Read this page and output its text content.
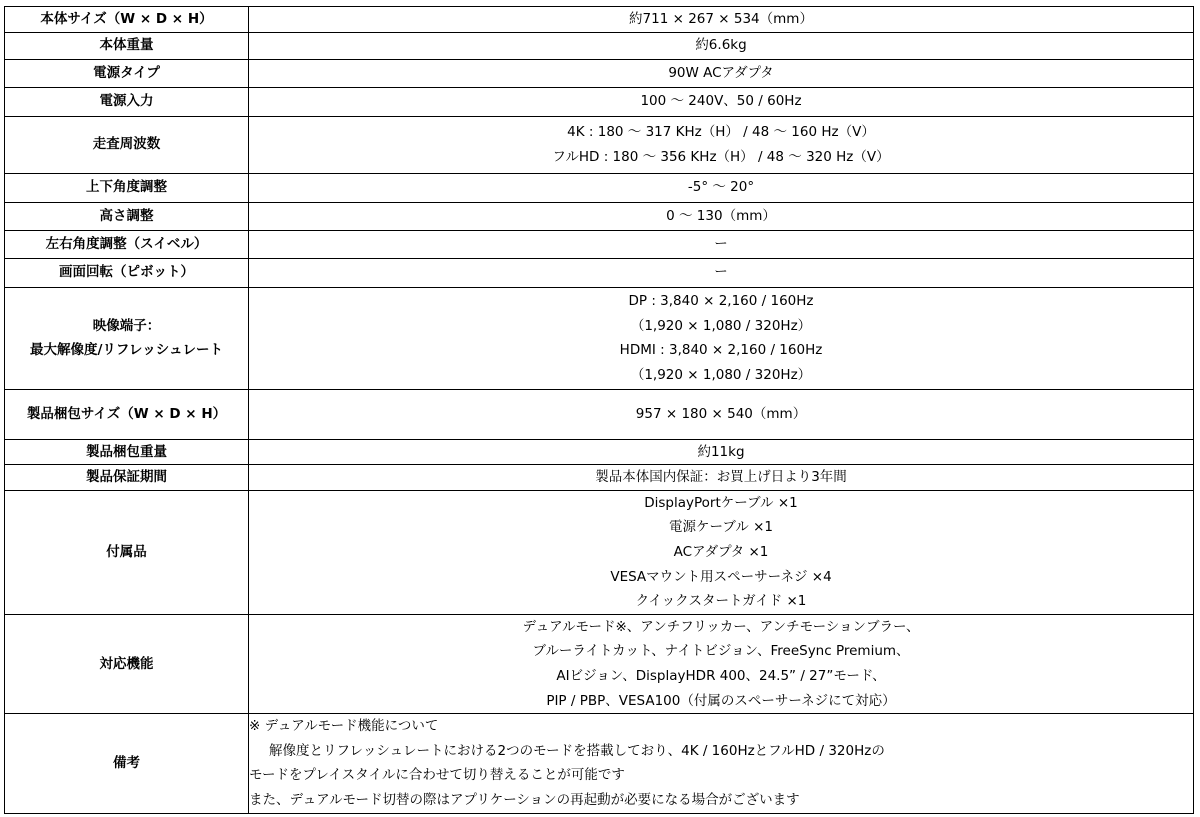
本体サイズ（W × D × H）	約711 × 267 × 534（mm）

本体重量	約6.6kg

電源タイプ	90W ACアダプタ

電源入力	100 ～ 240V、50 / 60Hz

走査周波数	4K : 180 ～ 317 KHz（H） / 48 ～ 160 Hz（V）
フルHD : 180 ～ 356 KHz（H） / 48 ～ 320 Hz（V）

上下角度調整	-5° ～ 20°

高さ調整	0 ～ 130（mm）

左右角度調整（スイベル）	ー

画面回転（ピボット）	ー

映像端子：
最大解像度/リフレッシュレート	DP : 3,840 × 2,160 / 160Hz
（1,920 × 1,080 / 320Hz）
HDMI : 3,840 × 2,160 / 160Hz
（1,920 × 1,080 / 320Hz）

製品梱包サイズ（W × D × H）	957 × 180 × 540（mm）

製品梱包重量	約11kg

製品保証期間	製品本体国内保証：お買上げ日より3年間

付属品	DisplayPortケーブル ×1
電源ケーブル ×1
ACアダプタ ×1
VESAマウント用スペーサーネジ ×4
クイックスタートガイド ×1

対応機能	デュアルモード※、アンチフリッカー、アンチモーションブラー、
ブルーライトカット、ナイトビジョン、FreeSync Premium、
AIビジョン、DisplayHDR 400、24.5” / 27”モード、
PIP / PBP、VESA100（付属のスペーサーネジにて対応）

備考	※ デュアルモード機能について
解像度とリフレッシュレートにおける2つのモードを搭載しており、4K / 160HzとフルHD / 320Hzの
モードをプレイスタイルに合わせて切り替えることが可能です
また、デュアルモード切替の際はアプリケーションの再起動が必要になる場合がございます
